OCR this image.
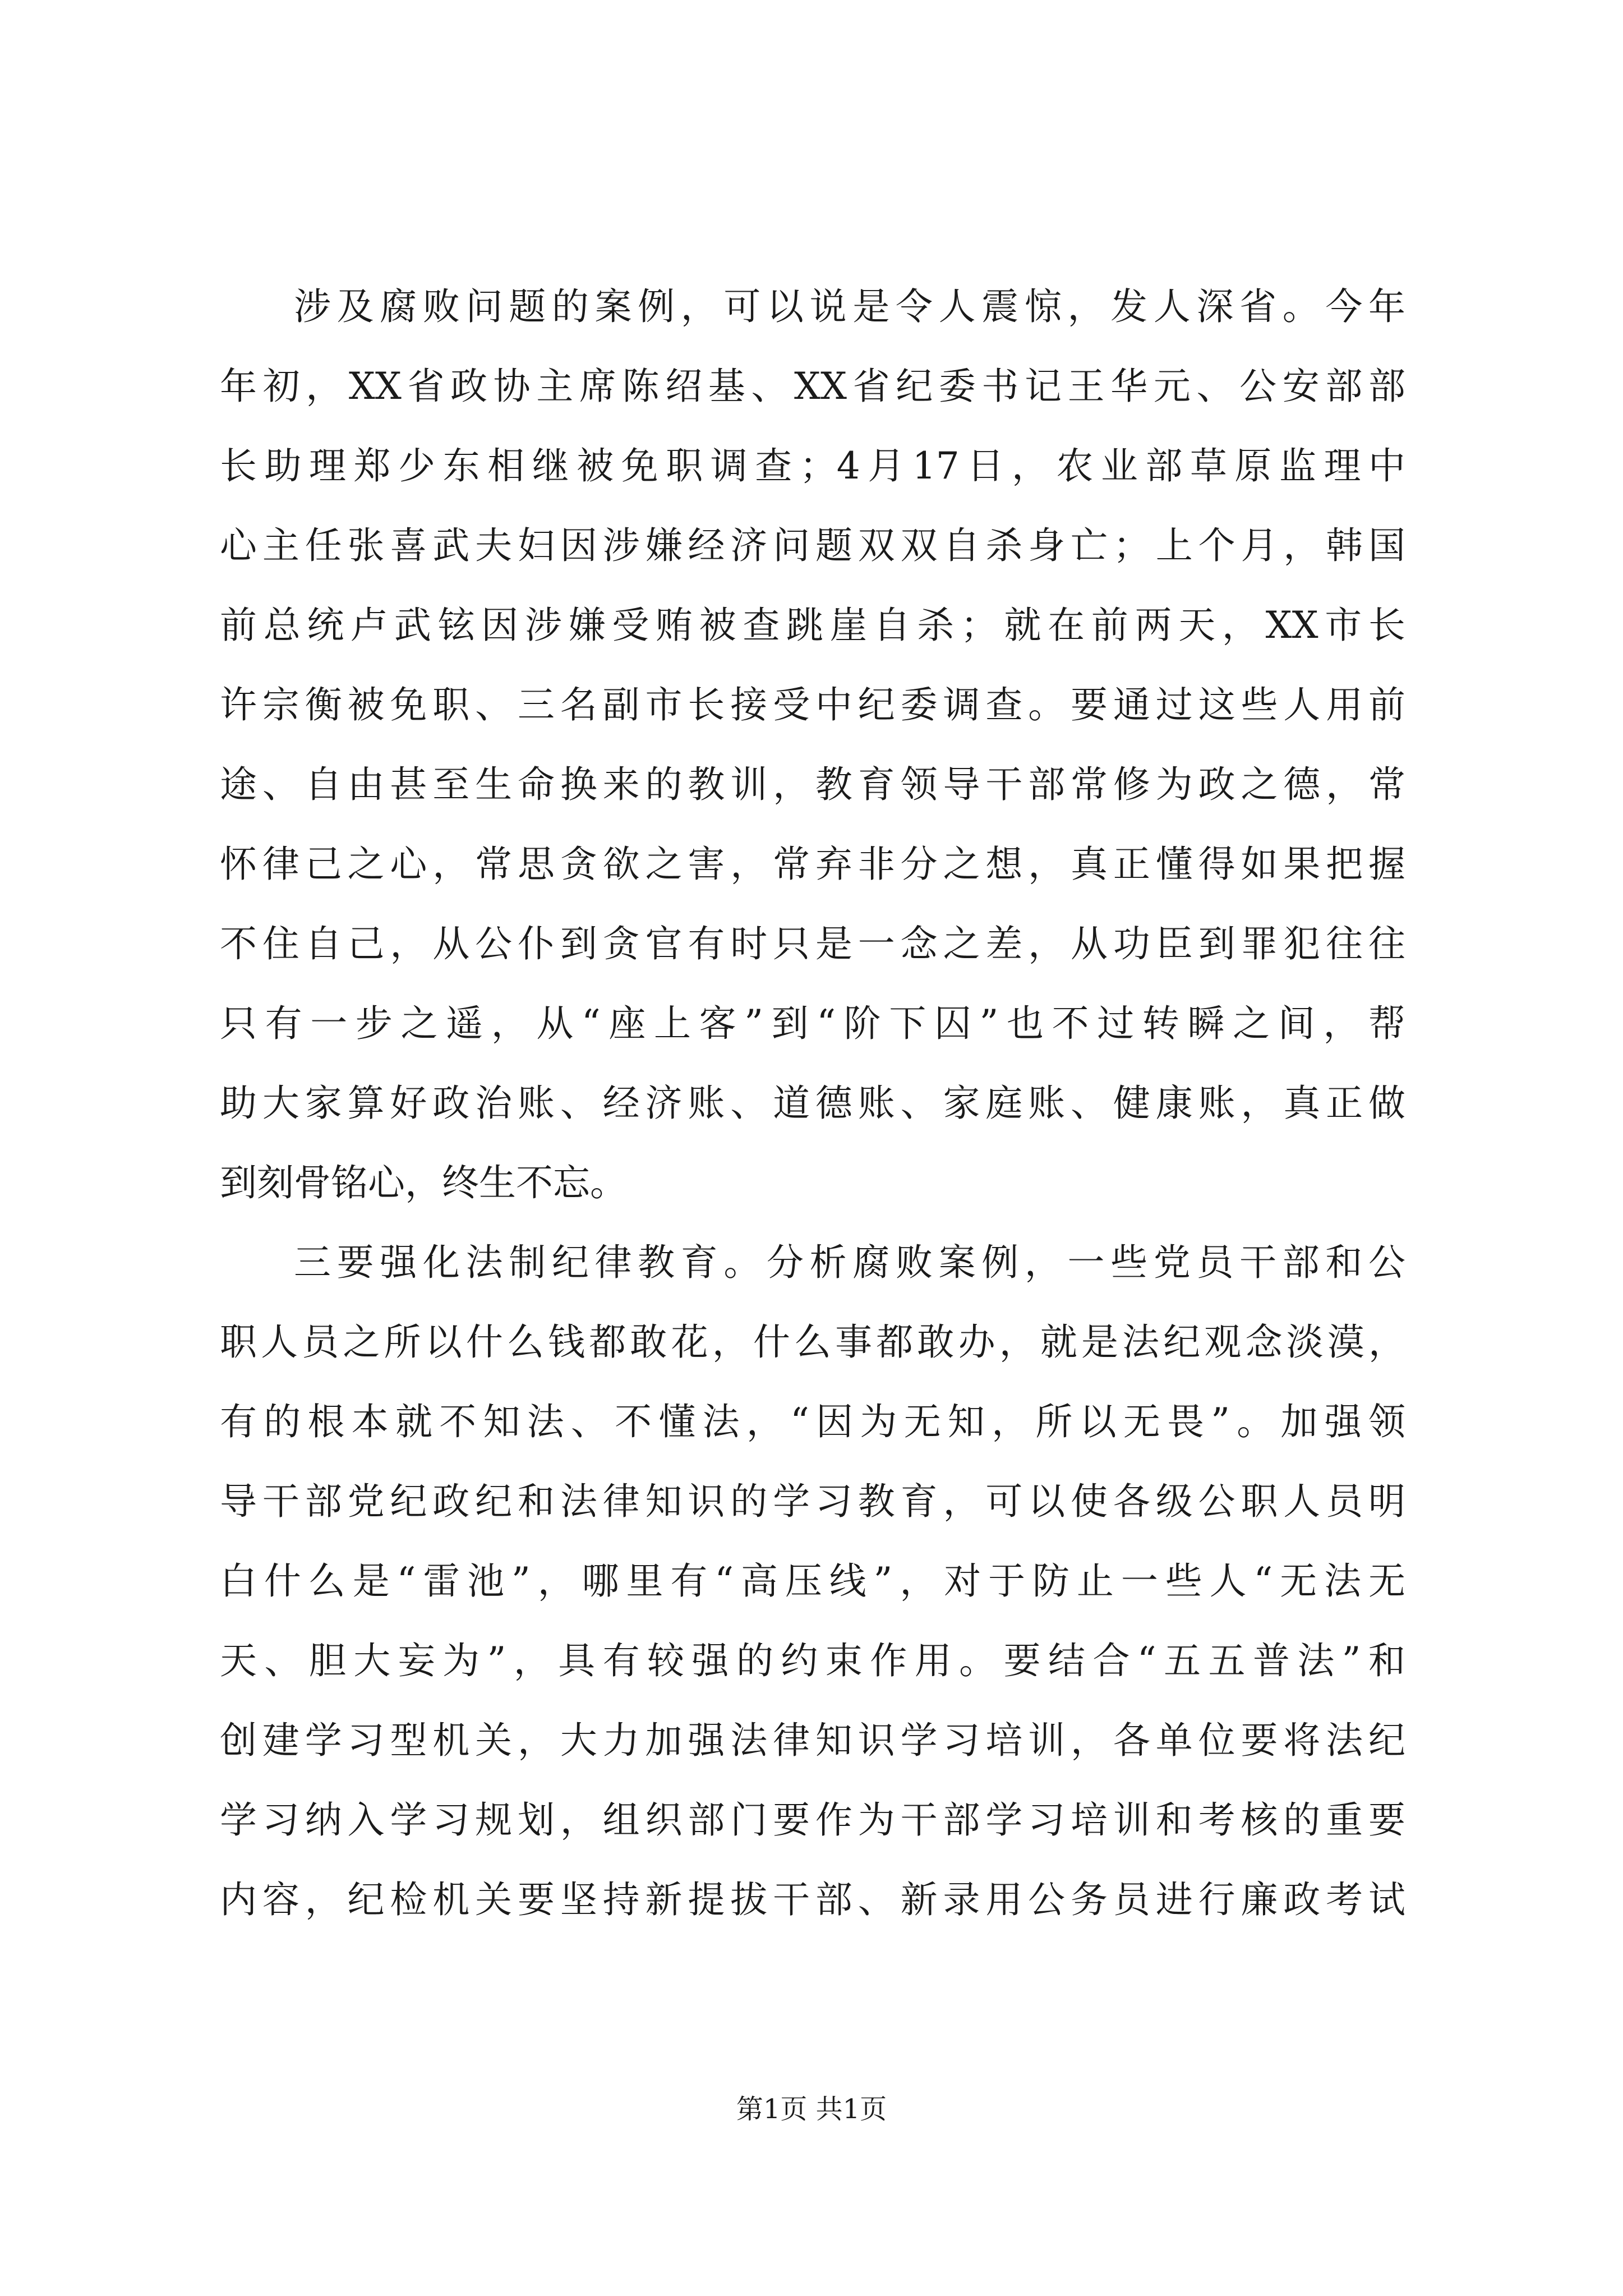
涉及腐败问题的案例，可以说是令人震惊，发人深省。今年
年初，XX省政协主席陈绍基、XX省纪委书记王华元、公安部部
长助理郑少东相继被免职调查；4月17日，农业部草原监理中
心主任张喜武夫妇因涉嫌经济问题双双自杀身亡；上个月，韩国
前总统卢武铉因涉嫌受贿被查跳崖自杀；就在前两天，XX市长
许宗衡被免职、三名副市长接受中纪委调查。要通过这些人用前
途、自由甚至生命换来的教训，教育领导干部常修为政之德，常
怀律己之心，常思贪欲之害，常弃非分之想，真正懂得如果把握
不住自己，从公仆到贪官有时只是一念之差，从功臣到罪犯往往
只有一步之遥，从“座上客”到“阶下囚”也不过转瞬之间，帮
助大家算好政治账、经济账、道德账、家庭账、健康账，真正做
到刻骨铭心，终生不忘。
三要强化法制纪律教育。分析腐败案例，一些党员干部和公
职人员之所以什么钱都敢花，什么事都敢办，就是法纪观念淡漠，
有的根本就不知法、不懂法，“因为无知，所以无畏”。加强领
导干部党纪政纪和法律知识的学习教育，可以使各级公职人员明
白什么是“雷池”，哪里有“高压线”，对于防止一些人“无法无
天、胆大妄为”，具有较强的约束作用。要结合“五五普法”和
创建学习型机关，大力加强法律知识学习培训，各单位要将法纪
学习纳入学习规划，组织部门要作为干部学习培训和考核的重要
内容，纪检机关要坚持新提拔干部、新录用公务员进行廉政考试
第1页 共1页
